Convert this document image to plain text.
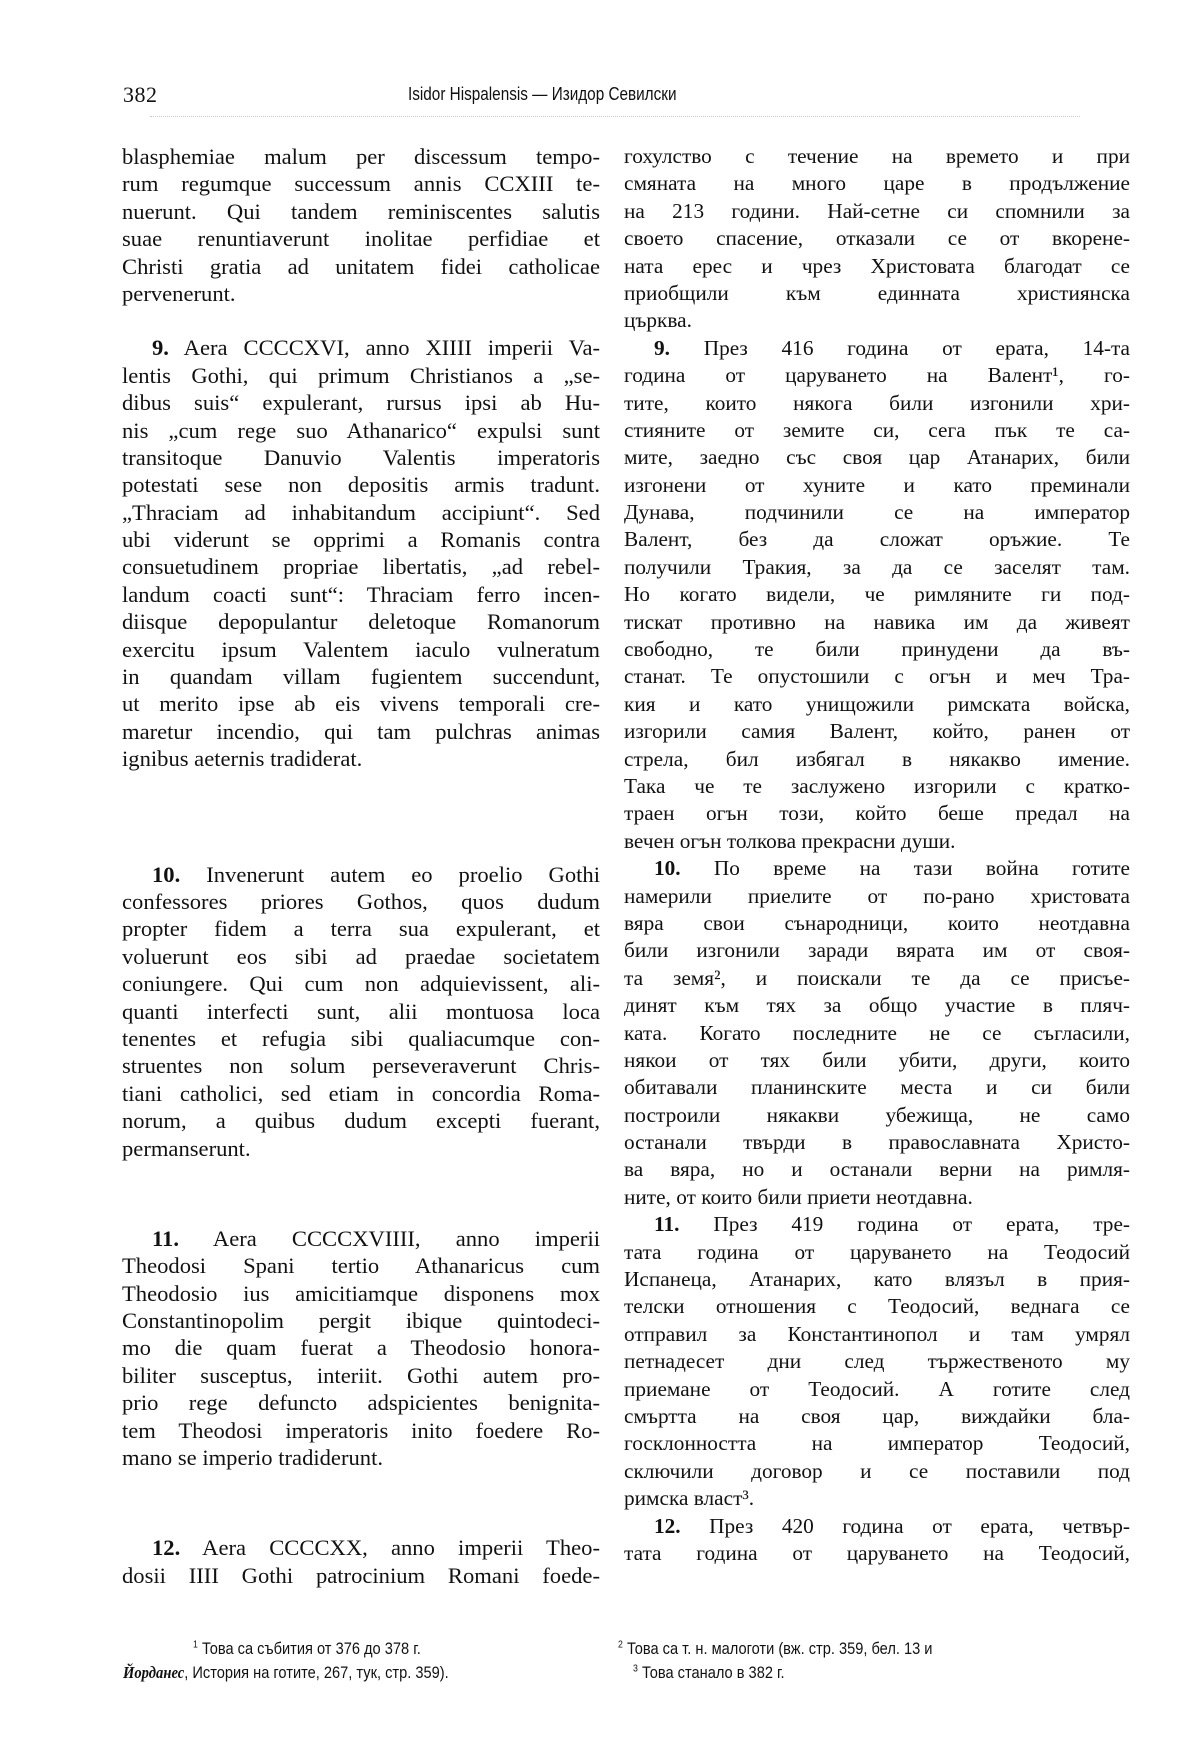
382	Isidor Hispalensis — Изидор Севилски
blasphemiae malum per discessum tempo-
rum regumque successum annis CCXIII te-
nuerunt. Qui tandem reminiscentes salutis
suae renuntiaverunt inolitae perfidiae et
Christi gratia ad unitatem fidei catholicae
pervenerunt.
9. Aera CCCCXVI, anno XIIII imperii Va-
lentis Gothi, qui primum Christianos a „se-
dibus suis“ expulerant, rursus ipsi ab Hu-
nis „cum rege suo Athanarico“ expulsi sunt
transitoque Danuvio Valentis imperatoris
potestati sese non depositis armis tradunt.
„Thraciam ad inhabitandum accipiunt“. Sed
ubi viderunt se opprimi a Romanis contra
consuetudinem propriae libertatis, „ad rebel-
landum coacti sunt“: Thraciam ferro incen-
diisque depopulantur deletoque Romanorum
exercitu ipsum Valentem iaculo vulneratum
in quandam villam fugientem succendunt,
ut merito ipse ab eis vivens temporali cre-
maretur incendio, qui tam pulchras animas
ignibus aeternis tradiderat.
10. Invenerunt autem eo proelio Gothi
confessores priores Gothos, quos dudum
propter fidem a terra sua expulerant, et
voluerunt eos sibi ad praedae societatem
coniungere. Qui cum non adquievissent, ali-
quanti interfecti sunt, alii montuosa loca
tenentes et refugia sibi qualiacumque con-
struentes non solum perseveraverunt Chris-
tiani catholici, sed etiam in concordia Roma-
norum, a quibus dudum excepti fuerant,
permanserunt.
11. Aera CCCCXVIIII, anno imperii
Theodosi Spani tertio Athanaricus cum
Theodosio ius amicitiamque disponens mox
Constantinopolim pergit ibique quintodeci-
mo die quam fuerat a Theodosio honora-
biliter susceptus, interiit. Gothi autem pro-
prio rege defuncto adspicientes benignita-
tem Theodosi imperatoris inito foedere Ro-
mano se imperio tradiderunt.
12. Aera CCCCXX, anno imperii Theo-
dosii IIII Gothi patrocinium Romani foede-
гохулство с течение на времето и при
смяната на много царе в продължение
на 213 години. Най-сетне си спомнили за
своето спасение, отказали се от вкорене-
ната ерес и чрез Христовата благодат се
приобщили към единната християнска
църква.
9. През 416 година от ерата, 14-та
година от царуването на Валент¹, го-
тите, които някога били изгонили хри-
стияните от земите си, сега пък те са-
мите, заедно със своя цар Атанарих, били
изгонени от хуните и като преминали
Дунава, подчинили се на император
Валент, без да сложат оръжие. Те
получили Тракия, за да се заселят там.
Но когато видели, че римляните ги под-
тискат противно на навика им да живеят
свободно, те били принудени да въ-
станат. Те опустошили с огън и меч Тра-
кия и като унищожили римската войска,
изгорили самия Валент, който, ранен от
стрела, бил избягал в някакво имение.
Така че те заслужено изгорили с кратко-
траен огън този, който беше предал на
вечен огън толкова прекрасни души.
10. По време на тази война готите
намерили приелите от по-рано христовата
вяра свои сънародници, които неотдавна
били изгонили заради вярата им от своя-
та земя², и поискали те да се присъе-
динят към тях за общо участие в пляч-
ката. Когато последните не се съгласили,
някои от тях били убити, други, които
обитавали планинските места и си били
построили някакви убежища, не само
останали твърди в православната Христо-
ва вяра, но и останали верни на римля-
ните, от които били приети неотдавна.
11. През 419 година от ерата, тре-
тата година от царуването на Теодосий
Испанеца, Атанарих, като влязъл в прия-
телски отношения с Теодосий, веднага се
отправил за Константинопол и там умрял
петнадесет дни след тържественото му
приемане от Теодосий. А готите след
смъртта на своя цар, виждайки бла-
госклонността на император Теодосий,
сключили договор и се поставили под
римска власт³.
12. През 420 година от ерата, четвър-
тата година от царуването на Теодосий,
$^1$ Това са събития от 376 до 378 г.
Йорданес, История на готите, 267, тук, стр. 359).
$^2$ Това са т. н. малоготи (вж. стр. 359, бел. 13 и
$^3$ Това станало в 382 г.
